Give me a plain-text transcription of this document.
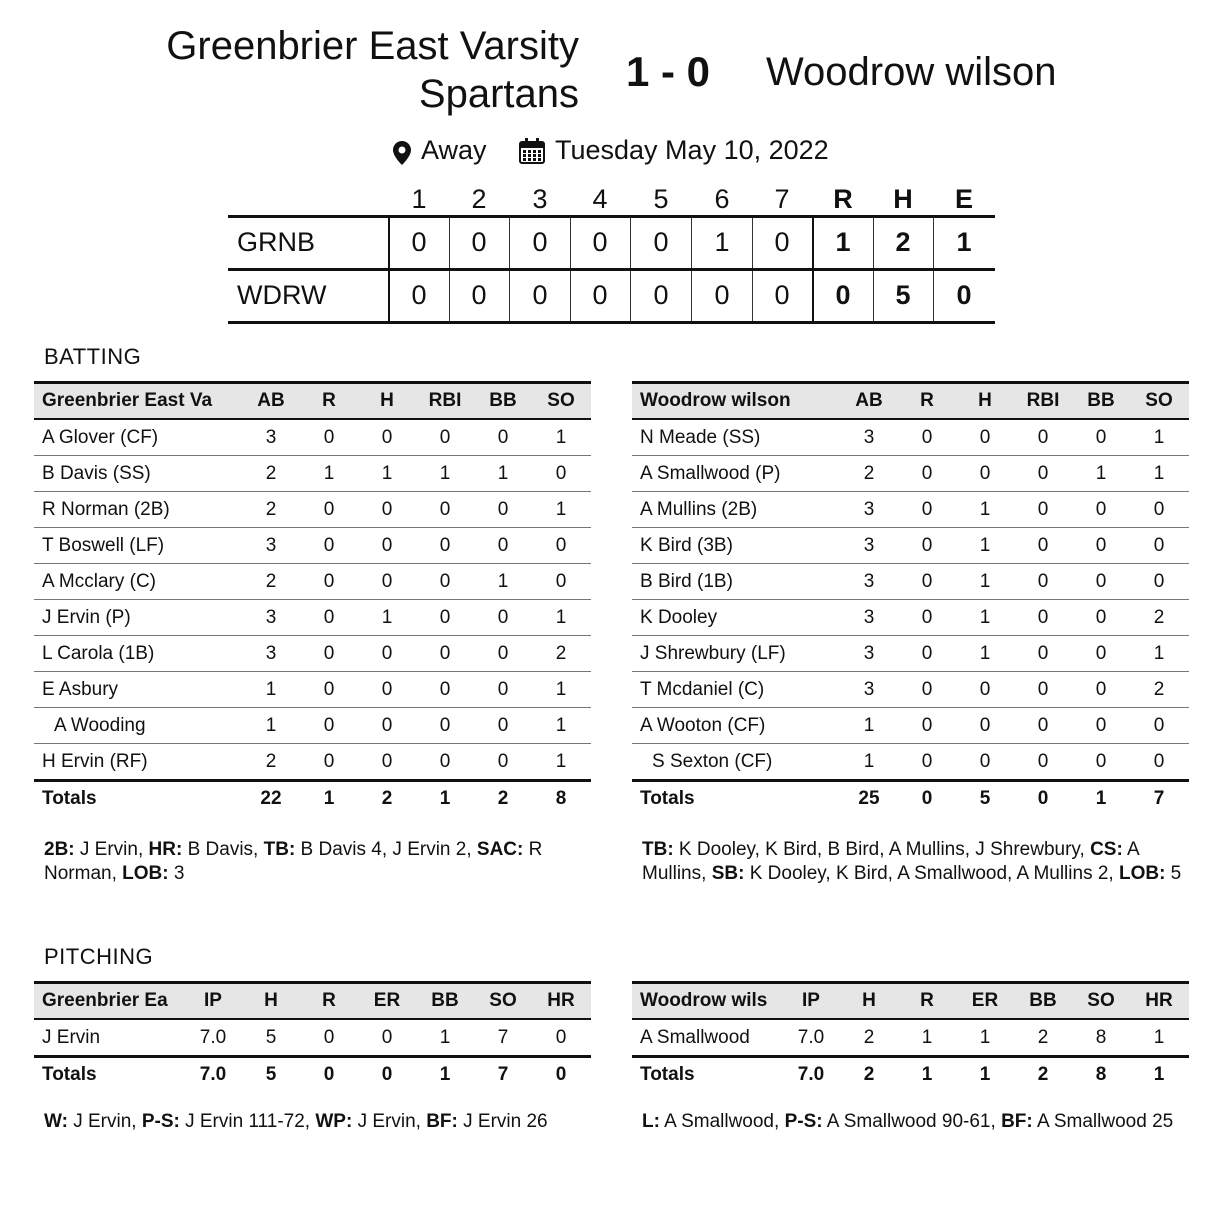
Greenbrier East Varsity
Spartans 1 - 0 Woodrow wilson
Away	Tuesday May 10, 2022
1	2	3	4	5	6	7	R	H	E
GRNB	0	0	0	0	0	1	0	1	2	1
WDRW	0	0	0	0	0	0	0	0	5	0
BATTING
Greenbrier East Va	AB	R	H	RBI	BB	SO
A Glover (CF)	3	0	0	0	0	1
B Davis (SS)	2	1	1	1	1	0
R Norman (2B)	2	0	0	0	0	1
T Boswell (LF)	3	0	0	0	0	0
A Mcclary (C)	2	0	0	0	1	0
J Ervin (P)	3	0	1	0	0	1
L Carola (1B)	3	0	0	0	0	2
E Asbury	1	0	0	0	0	1
A Wooding	1	0	0	0	0	1
H Ervin (RF)	2	0	0	0	0	1
Totals	22	1	2	1	2	8
Woodrow wilson	AB	R	H	RBI	BB	SO
N Meade (SS)	3	0	0	0	0	1
A Smallwood (P)	2	0	0	0	1	1
A Mullins (2B)	3	0	1	0	0	0
K Bird (3B)	3	0	1	0	0	0
B Bird (1B)	3	0	1	0	0	0
K Dooley	3	0	1	0	0	2
J Shrewbury (LF)	3	0	1	0	0	1
T Mcdaniel (C)	3	0	0	0	0	2
A Wooton (CF)	1	0	0	0	0	0
S Sexton (CF)	1	0	0	0	0	0
Totals	25	0	5	0	1	7
2B: J Ervin, HR: B Davis, TB: B Davis 4, J Ervin 2, SAC: R Norman, LOB: 3
TB: K Dooley, K Bird, B Bird, A Mullins, J Shrewbury, CS: A Mullins, SB: K Dooley, K Bird, A Smallwood, A Mullins 2, LOB: 5
PITCHING
Greenbrier Ea	IP	H	R	ER	BB	SO	HR
J Ervin	7.0	5	0	0	1	7	0
Totals	7.0	5	0	0	1	7	0
Woodrow wils	IP	H	R	ER	BB	SO	HR
A Smallwood	7.0	2	1	1	2	8	1
Totals	7.0	2	1	1	2	8	1
W: J Ervin, P-S: J Ervin 111-72, WP: J Ervin, BF: J Ervin 26	L: A Smallwood, P-S: A Smallwood 90-61, BF: A Smallwood 25
